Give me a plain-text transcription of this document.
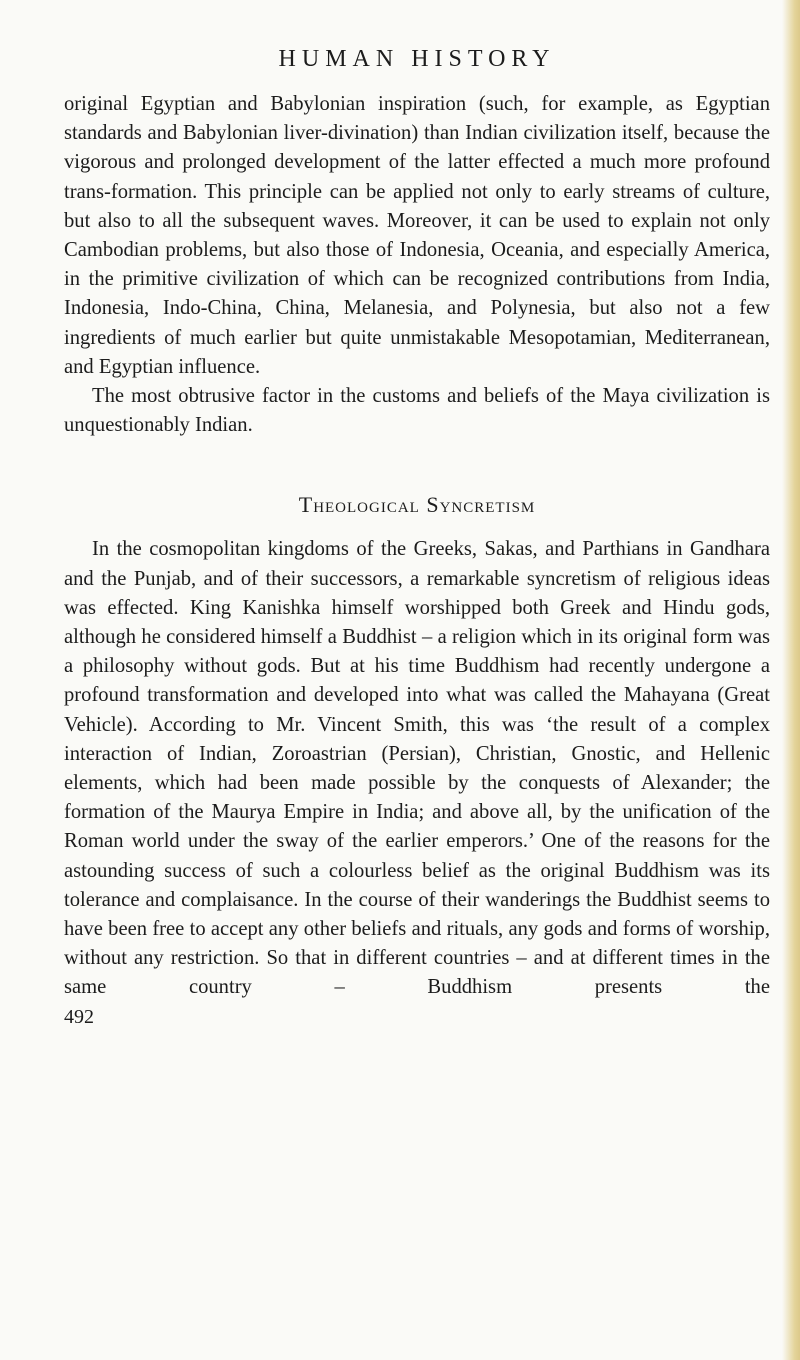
HUMAN HISTORY

original Egyptian and Babylonian inspiration (such, for example, as Egyptian standards and Babylonian liver-divination) than Indian civilization itself, because the vigorous and prolonged development of the latter effected a much more profound trans-formation. This principle can be applied not only to early streams of culture, but also to all the subsequent waves. Moreover, it can be used to explain not only Cambodian problems, but also those of Indonesia, Oceania, and especially America, in the primitive civilization of which can be recognized contributions from India, Indonesia, Indo-China, China, Melanesia, and Polynesia, but also not a few ingredients of much earlier but quite unmistakable Mesopotamian, Mediterranean, and Egyptian influence.

The most obtrusive factor in the customs and beliefs of the Maya civilization is unquestionably Indian.

Theological Syncretism

In the cosmopolitan kingdoms of the Greeks, Sakas, and Parthians in Gandhara and the Punjab, and of their successors, a remarkable syncretism of religious ideas was effected. King Kanishka himself worshipped both Greek and Hindu gods, although he considered himself a Buddhist – a religion which in its original form was a philosophy without gods. But at his time Buddhism had recently undergone a profound transformation and developed into what was called the Mahayana (Great Vehicle). According to Mr. Vincent Smith, this was ‘the result of a complex interaction of Indian, Zoroastrian (Persian), Christian, Gnostic, and Hellenic elements, which had been made possible by the conquests of Alexander; the formation of the Maurya Empire in India; and above all, by the unification of the Roman world under the sway of the earlier emperors.’ One of the reasons for the astounding success of such a colourless belief as the original Buddhism was its tolerance and complaisance. In the course of their wanderings the Buddhist seems to have been free to accept any other beliefs and rituals, any gods and forms of worship, without any restriction. So that in different countries – and at different times in the same country – Buddhism presents the

492
